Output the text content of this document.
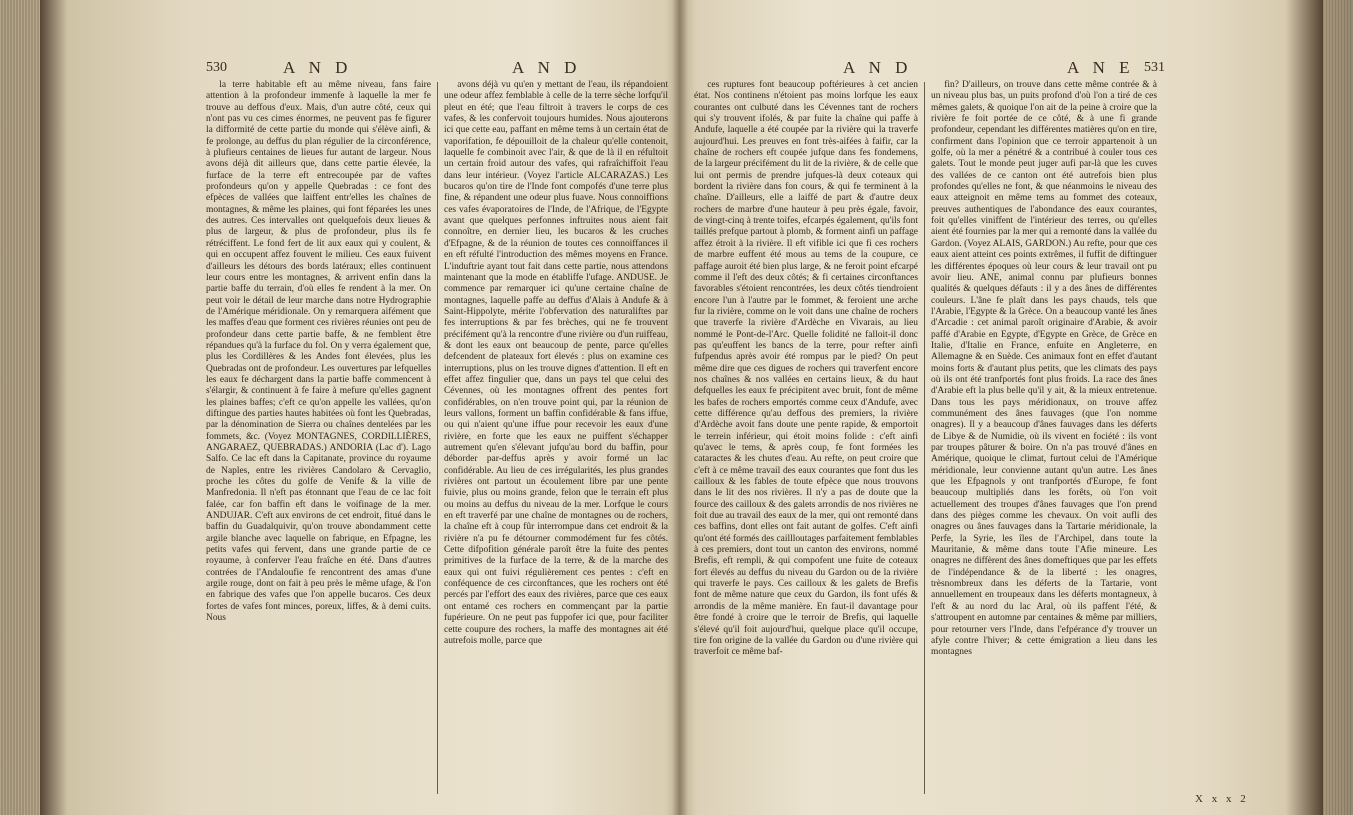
530	A N D	A N D

la terre habitable eft au même niveau, fans faire attention à la profondeur immenfe à laquelle la mer fe trouve au deffous d'eux. Mais, d'un autre côté, ceux qui n'ont pas vu ces cimes énormes, ne peuvent pas fe figurer la difformité de cette partie du monde qui s'élève ainfi, & fe prolonge, au deffus du plan régulier de la circonférence, à plufieurs centaines de lieues fur autant de largeur. Nous avons déjà dit ailleurs que, dans cette partie élevée, la furface de la terre eft entrecoupée par de vaftes profondeurs qu'on y appelle Quebradas : ce font des efpèces de vallées que laiffent entr'elles les chaînes de montagnes, & même les plaines, qui font féparées les unes des autres. Ces intervalles ont quelquefois deux lieues & plus de largeur, & plus de profondeur, plus ils fe rétréciffent. Le fond fert de lit aux eaux qui y coulent, & qui en occupent affez fouvent le milieu. Ces eaux fuivent d'ailleurs les détours des bords latéraux; elles continuent leur cours entre les montagnes, & arrivent enfin dans la partie baffe du terrain, d'où elles fe rendent à la mer. On peut voir le détail de leur marche dans notre Hydrographie de l'Amérique méridionale. On y remarquera aifément que les maffes d'eau que forment ces rivières réunies ont peu de profondeur dans cette partie baffe, & ne femblent être répandues qu'à la furface du fol. On y verra également que, plus les Cordillères & les Andes font élevées, plus les Quebradas ont de profondeur. Les ouvertures par lefquelles les eaux fe déchargent dans la partie baffe commencent à s'élargir, & continuent à fe faire à mefure qu'elles gagnent les plaines baffes; c'eft ce qu'on appelle les vallées, qu'on diftingue des parties hautes habitées où font les Quebradas, par la dénomination de Sierra ou chaînes dentelées par les fommets, &c. (Voyez MONTAGNES, CORDILLIÈRES, ANGARAEZ, QUEBRADAS.) ANDORIA (Lac d'). Lago Salfo. Ce lac eft dans la Capitanate, province du royaume de Naples, entre les rivières Candolaro & Cervaglio, proche les côtes du golfe de Venife & la ville de Manfredonia. Il n'eft pas étonnant que l'eau de ce lac foit falée, car fon baffin eft dans le voifinage de la mer. ANDUJAR. C'eft aux environs de cet endroit, fitué dans le baffin du Guadalquivir, qu'on trouve abondamment cette argile blanche avec laquelle on fabrique, en Efpagne, les petits vafes qui fervent, dans une grande partie de ce royaume, à conferver l'eau fraîche en été. Dans d'autres contrées de l'Andaloufie fe rencontrent des amas d'une argile rouge, dont on fait à peu près le même ufage, & l'on en fabrique des vafes que l'on appelle bucaros. Ces deux fortes de vafes font minces, poreux, liffes, & à demi cuits. Nous

avons déjà vu qu'en y mettant de l'eau, ils répandoient une odeur affez femblable à celle de la terre sèche lorfqu'il pleut en été; que l'eau filtroit à travers le corps de ces vafes, & les confervoit toujours humides. Nous ajouterons ici que cette eau, paffant en même tems à un certain état de vaporifation, fe dépouilloit de la chaleur qu'elle contenoit, laquelle fe combinoit avec l'air, & que de là il en réfultoit un certain froid autour des vafes, qui rafraîchiffoit l'eau dans leur intérieur. (Voyez l'article ALCARAZAS.) Les bucaros qu'on tire de l'Inde font compofés d'une terre plus fine, & répandent une odeur plus fuave. Nous connoiffions ces vafes évaporatoires de l'Inde, de l'Afrique, de l'Egypte avant que quelques perfonnes inftruites nous aient fait connoître, en dernier lieu, les bucaros & les cruches d'Efpagne, & de la réunion de toutes ces connoiffances il en eft réfulté l'introduction des mêmes moyens en France. L'induftrie ayant tout fait dans cette partie, nous attendons maintenant que la mode en établiffe l'ufage. ANDUSE. Je commence par remarquer ici qu'une certaine chaîne de montagnes, laquelle paffe au deffus d'Alais à Andufe & à Saint-Hippolyte, mérite l'obfervation des naturaliftes par fes interruptions & par fes brèches, qui ne fe trouvent précifément qu'à la rencontre d'une rivière ou d'un ruiffeau, & dont les eaux ont beaucoup de pente, parce qu'elles defcendent de plateaux fort élevés : plus on examine ces interruptions, plus on les trouve dignes d'attention. Il eft en effet affez fingulier que, dans un pays tel que celui des Cévennes, où les montagnes offrent des pentes fort confidérables, on n'en trouve point qui, par la réunion de leurs vallons, forment un baffin confidérable & fans iffue, ou qui n'aient qu'une iffue pour recevoir les eaux d'une rivière, en forte que les eaux ne puiffent s'échapper autrement qu'en s'élevant jufqu'au bord du baffin, pour déborder par-deffus après y avoir formé un lac confidérable. Au lieu de ces irrégularités, les plus grandes rivières ont partout un écoulement libre par une pente fuivie, plus ou moins grande, felon que le terrain eft plus ou moins au deffus du niveau de la mer. Lorfque le cours en eft traverfé par une chaîne de montagnes ou de rochers, la chaîne eft à coup fûr interrompue dans cet endroit & la rivière n'a pu fe détourner commodément fur fes côtés. Cette difpofition générale paroît être la fuite des pentes primitives de la furface de la terre, & de la marche des eaux qui ont fuivi régulièrement ces pentes : c'eft en conféquence de ces circonftances, que les rochers ont été percés par l'effort des eaux des rivières, parce que ces eaux ont entamé ces rochers en commençant par la partie fupérieure. On ne peut pas fuppofer ici que, pour faciliter cette coupure des rochers, la maffe des montagnes ait été autrefois molle, parce que

A N D	A N E 531

ces ruptures font beaucoup poftérieures à cet ancien état. Nos continens n'étoient pas moins lorfque les eaux courantes ont culbuté dans les Cévennes tant de rochers qui s'y trouvent ifolés, & par fuite la chaîne qui paffe à Andufe, laquelle a été coupée par la rivière qui la traverfe aujourd'hui. Les preuves en font très-aifées à faifir, car la chaîne de rochers eft coupée jufque dans fes fondemens, de la largeur précifément du lit de la rivière, & de celle que lui ont permis de prendre jufques-là deux coteaux qui bordent la rivière dans fon cours, & qui fe terminent à la chaîne. D'ailleurs, elle a laiffé de part & d'autre deux rochers de marbre d'une hauteur à peu près égale, favoir, de vingt-cinq à trente toifes, efcarpés également, qu'ils font taillés prefque partout à plomb, & forment ainfi un paffage affez étroit à la rivière. Il eft vifible ici que fi ces rochers de marbre euffent été mous au tems de la coupure, ce paffage auroit été bien plus large, & ne feroit point efcarpé comme il l'eft des deux côtés; & fi certaines circonftances favorables s'étoient rencontrées, les deux côtés tiendroient encore l'un à l'autre par le fommet, & feroient une arche fur la rivière, comme on le voit dans une chaîne de rochers que traverfe la rivière d'Ardèche en Vivarais, au lieu nommé le Pont-de-l'Arc. Quelle folidité ne falloit-il donc pas qu'euffent les bancs de la terre, pour refter ainfi fufpendus après avoir été rompus par le pied? On peut même dire que ces digues de rochers qui traverfent encore nos chaînes & nos vallées en certains lieux, & du haut defquelles les eaux fe précipitent avec bruit, font de même les bafes de rochers emportés comme ceux d'Andufe, avec cette différence qu'au deffous des premiers, la rivière d'Ardèche avoit fans doute une pente rapide, & emportoit le terrein inférieur, qui étoit moins folide : c'eft ainfi qu'avec le tems, & après coup, fe font formées les cataractes & les chutes d'eau. Au refte, on peut croire que c'eft à ce même travail des eaux courantes que font dus les cailloux & les fables de toute efpèce que nous trouvons dans le lit des nos rivières. Il n'y a pas de doute que la fource des cailloux & des galets arrondis de nos rivières ne foit due au travail des eaux de la mer, qui ont remonté dans ces baffins, dont elles ont fait autant de golfes. C'eft ainfi qu'ont été formés des caillloutages parfaitement femblables à ces premiers, dont tout un canton des environs, nommé Brefis, eft rempli, & qui compofent une fuite de coteaux fort élevés au deffus du niveau du Gardon ou de la rivière qui traverfe le pays. Ces cailloux & les galets de Brefis font de même nature que ceux du Gardon, ils font ufés & arrondis de la même manière. En faut-il davantage pour être fondé à croire que le terroir de Brefis, qui laquelle s'élevé qu'il foit aujourd'hui, quelque place qu'il occupe, tire fon origine de la vallée du Gardon ou d'une rivière qui traverfoit ce même baf-

fin? D'ailleurs, on trouve dans cette même contrée & à un niveau plus bas, un puits profond d'où l'on a tiré de ces mêmes galets, & quoique l'on ait de la peine à croire que la rivière fe foit portée de ce côté, & à une fi grande profondeur, cependant les différentes matières qu'on en tire, confirment dans l'opinion que ce terroir appartenoit à un golfe, où la mer a pénétré & a contribué à couler tous ces galets. Tout le monde peut juger aufi par-là que les cuves des vallées de ce canton ont été autrefois bien plus profondes qu'elles ne font, & que néanmoins le niveau des eaux atteignoit en même tems au fommet des coteaux, preuves authentiques de l'abondance des eaux courantes, foit qu'elles viniffent de l'intérieur des terres, ou qu'elles aient été fournies par la mer qui a remonté dans la vallée du Gardon. (Voyez ALAIS, GARDON.) Au refte, pour que ces eaux aient atteint ces points extrêmes, il fuffit de diftinguer les différentes époques où leur cours & leur travail ont pu avoir lieu. ANE, animal connu par plufieurs bonnes qualités & quelques défauts : il y a des ânes de différentes couleurs. L'âne fe plaît dans les pays chauds, tels que l'Arabie, l'Egypte & la Grèce. On a beaucoup vanté les ânes d'Arcadie : cet animal paroît originaire d'Arabie, & avoir paffé d'Arabie en Egypte, d'Egypte en Grèce, de Grèce en Italie, d'Italie en France, enfuite en Angleterre, en Allemagne & en Suède. Ces animaux font en effet d'autant moins forts & d'autant plus petits, que les climats des pays où ils ont été tranfportés font plus froids. La race des ânes d'Arabie eft la plus belle qu'il y ait, & la mieux entretenue. Dans tous les pays méridionaux, on trouve affez communément des ânes fauvages (que l'on nomme onagres). Il y a beaucoup d'ânes fauvages dans les déferts de Libye & de Numidie, où ils vivent en fociété : ils vont par troupes pâturer & boire. On n'a pas trouvé d'ânes en Amérique, quoique le climat, furtout celui de l'Amérique méridionale, leur convienne autant qu'un autre. Les ânes que les Efpagnols y ont tranfportés d'Europe, fe font beaucoup multipliés dans les forêts, où l'on voit actuellement des troupes d'ânes fauvages que l'on prend dans des pièges comme les chevaux. On voit aufli des onagres ou ânes fauvages dans la Tartarie méridionale, la Perfe, la Syrie, les îles de l'Archipel, dans toute la Mauritanie, & même dans toute l'Afie mineure. Les onagres ne diffèrent des ânes domeftiques que par les effets de l'indépendance & de la liberté : les onagres, trèsnombreux dans les déferts de la Tartarie, vont annuellement en troupeaux dans les déferts montagneux, à l'eft & au nord du lac Aral, où ils paffent l'été, & s'attroupent en automne par centaines & même par milliers, pour retourner vers l'Inde, dans l'efpérance d'y trouver un afyle contre l'hiver; & cette émigration a lieu dans les montagnes

X x x 2
